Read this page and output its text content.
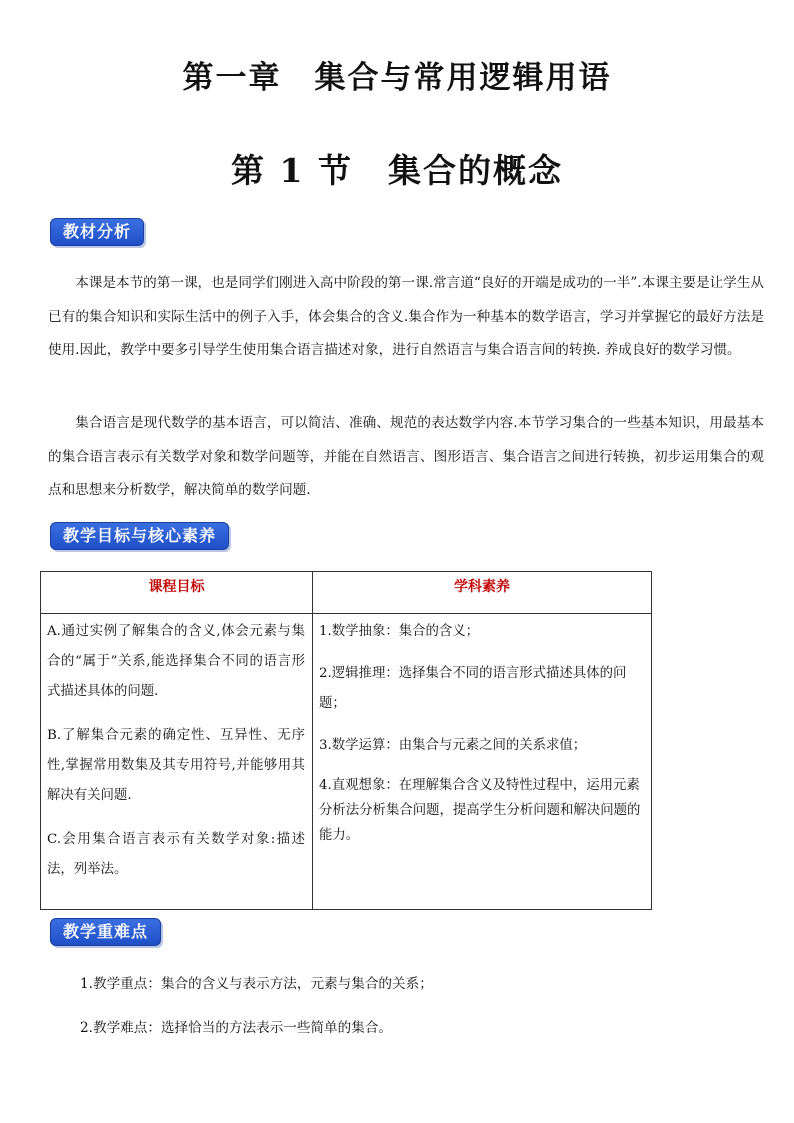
第一章　集合与常用逻辑用语
第 1 节　集合的概念
教材分析

本课是本节的第一课，也是同学们刚进入高中阶段的第一课.常言道“良好的开端是成功的一半”.本课主要是让学生从已有的集合知识和实际生活中的例子入手，体会集合的含义.集合作为一种基本的数学语言，学习并掌握它的最好方法是使用.因此，教学中要多引导学生使用集合语言描述对象，进行自然语言与集合语言间的转换. 养成良好的数学习惯。

集合语言是现代数学的基本语言，可以简洁、准确、规范的表达数学内容.本节学习集合的一些基本知识，用最基本的集合语言表示有关数学对象和数学问题等，并能在自然语言、图形语言、集合语言之间进行转换，初步运用集合的观点和思想来分析数学，解决简单的数学问题.

教学目标与核心素养
课程目标	学科素养

A.通过实例了解集合的含义,体会元素与集合的“属于”关系,能选择集合不同的语言形式描述具体的问题.

B.了解集合元素的确定性、互异性、无序性,掌握常用数集及其专用符号,并能够用其解决有关问题.

C.会用集合语言表示有关数学对象:描述法，列举法。

1.数学抽象：集合的含义；

2.逻辑推理：选择集合不同的语言形式描述具体的问题；

3.数学运算：由集合与元素之间的关系求值；

4.直观想象：在理解集合含义及特性过程中，运用元素分析法分析集合问题，提高学生分析问题和解决问题的能力。

教学重难点

1.教学重点：集合的含义与表示方法，元素与集合的关系；

2.教学难点：选择恰当的方法表示一些简单的集合。
